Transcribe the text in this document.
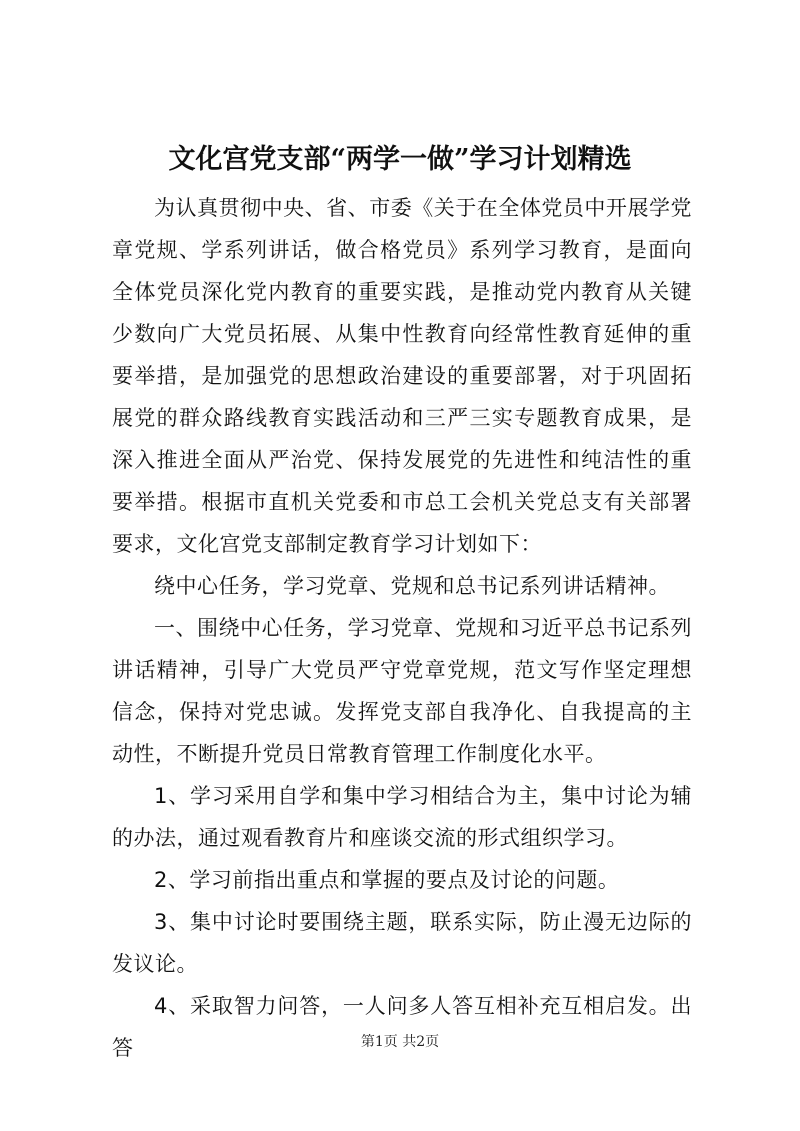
文化宫党支部“两学一做”学习计划精选

为认真贯彻中央、省、市委《关于在全体党员中开展学党章党规、学系列讲话，做合格党员》系列学习教育，是面向全体党员深化党内教育的重要实践，是推动党内教育从关键少数向广大党员拓展、从集中性教育向经常性教育延伸的重要举措，是加强党的思想政治建设的重要部署，对于巩固拓展党的群众路线教育实践活动和三严三实专题教育成果，是深入推进全面从严治党、保持发展党的先进性和纯洁性的重要举措。根据市直机关党委和市总工会机关党总支有关部署要求，文化宫党支部制定教育学习计划如下：

绕中心任务，学习党章、党规和总书记系列讲话精神。

一、围绕中心任务，学习党章、党规和习近平总书记系列讲话精神，引导广大党员严守党章党规，范文写作坚定理想信念，保持对党忠诚。发挥党支部自我净化、自我提高的主动性，不断提升党员日常教育管理工作制度化水平。

1、学习采用自学和集中学习相结合为主，集中讨论为辅的办法，通过观看教育片和座谈交流的形式组织学习。

2、学习前指出重点和掌握的要点及讨论的问题。

3、集中讨论时要围绕主题，联系实际，防止漫无边际的发议论。

4、采取智力问答，一人问多人答互相补充互相启发。出答	第1页 共2页
